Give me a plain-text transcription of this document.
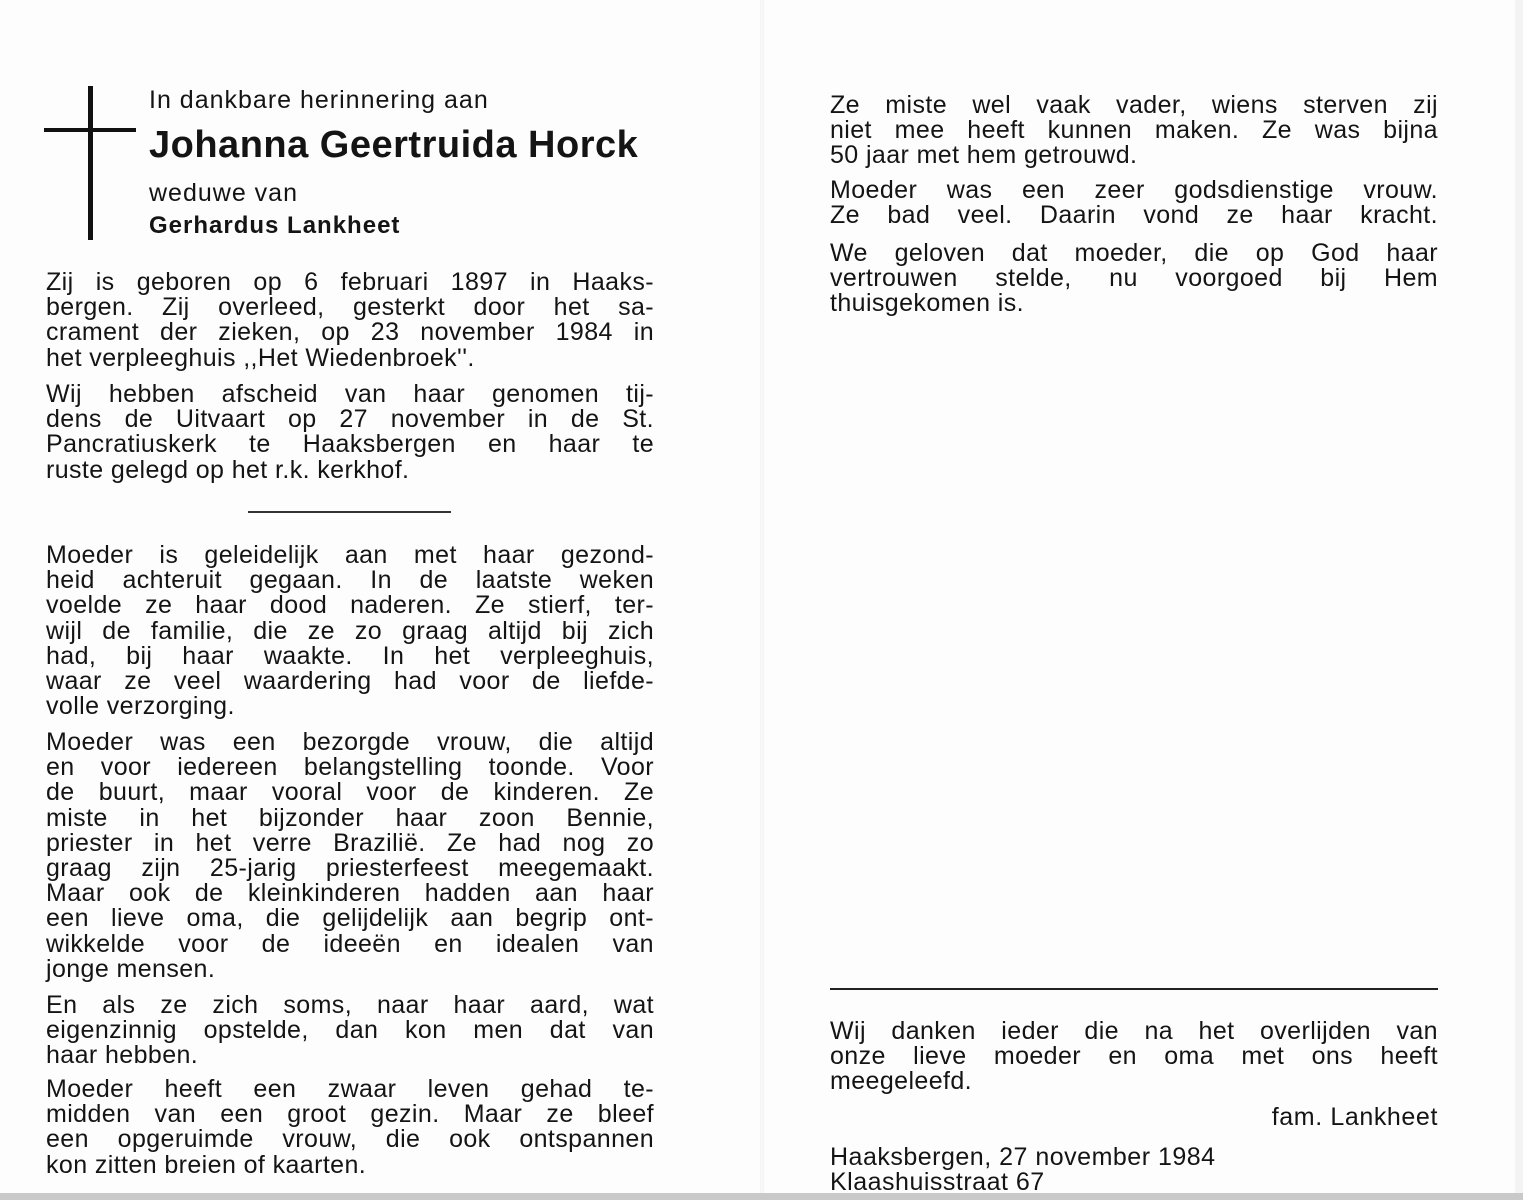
In dankbare herinnering aan
Johanna Geertruida Horck
weduwe van
Gerhardus Lankheet
Zij is geboren op 6 februari 1897 in Haaks-
bergen. Zij overleed, gesterkt door het sa-
crament der zieken, op 23 november 1984 in
het verpleeghuis ,,Het Wiedenbroek''.
Wij hebben afscheid van haar genomen tij-
dens de Uitvaart op 27 november in de St.
Pancratiuskerk te Haaksbergen en haar te
ruste gelegd op het r.k. kerkhof.
Moeder is geleidelijk aan met haar gezond-
heid achteruit gegaan. In de laatste weken
voelde ze haar dood naderen. Ze stierf, ter-
wijl de familie, die ze zo graag altijd bij zich
had, bij haar waakte. In het verpleeghuis,
waar ze veel waardering had voor de liefde-
volle verzorging.
Moeder was een bezorgde vrouw, die altijd
en voor iedereen belangstelling toonde. Voor
de buurt, maar vooral voor de kinderen. Ze
miste in het bijzonder haar zoon Bennie,
priester in het verre Brazilië. Ze had nog zo
graag zijn 25-jarig priesterfeest meegemaakt.
Maar ook de kleinkinderen hadden aan haar
een lieve oma, die gelijdelijk aan begrip ont-
wikkelde voor de ideeën en idealen van
jonge mensen.
En als ze zich soms, naar haar aard, wat
eigenzinnig opstelde, dan kon men dat van
haar hebben.
Moeder heeft een zwaar leven gehad te-
midden van een groot gezin. Maar ze bleef
een opgeruimde vrouw, die ook ontspannen
kon zitten breien of kaarten.
Ze miste wel vaak vader, wiens sterven zij
niet mee heeft kunnen maken. Ze was bijna
50 jaar met hem getrouwd.
Moeder was een zeer godsdienstige vrouw.
Ze bad veel. Daarin vond ze haar kracht.
We geloven dat moeder, die op God haar
vertrouwen stelde, nu voorgoed bij Hem
thuisgekomen is.
Wij danken ieder die na het overlijden van
onze lieve moeder en oma met ons heeft
meegeleefd.
fam. Lankheet
Haaksbergen, 27 november 1984
Klaashuisstraat 67
